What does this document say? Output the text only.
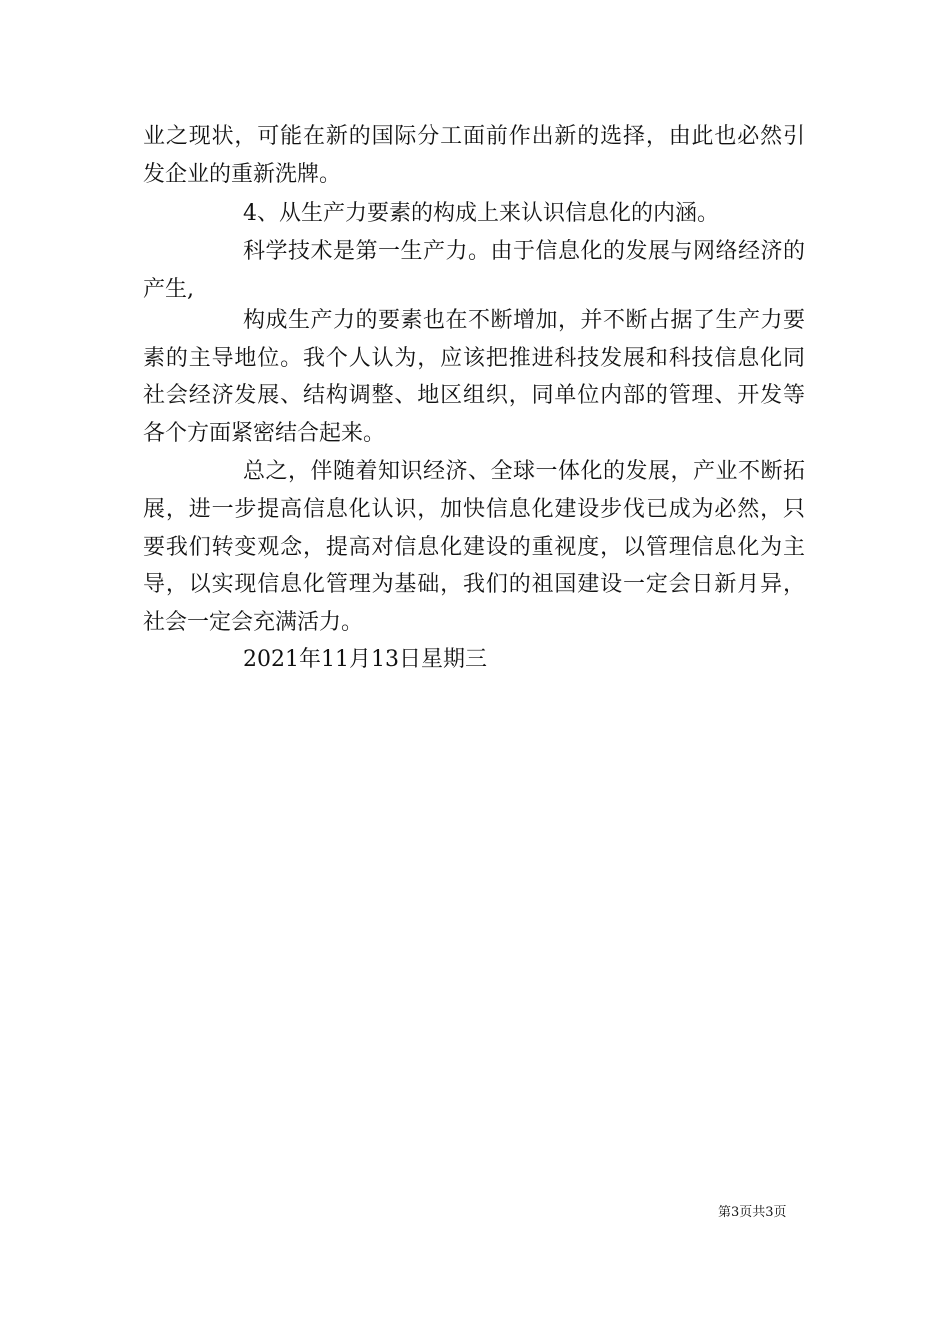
业之现状，可能在新的国际分工面前作出新的选择，由此也必然引
发企业的重新洗牌。
4、从生产力要素的构成上来认识信息化的内涵。
科学技术是第一生产力。由于信息化的发展与网络经济的
产生,
构成生产力的要素也在不断增加，并不断占据了生产力要
素的主导地位。我个人认为，应该把推进科技发展和科技信息化同
社会经济发展、结构调整、地区组织，同单位内部的管理、开发等
各个方面紧密结合起来。
总之，伴随着知识经济、全球一体化的发展，产业不断拓
展，进一步提高信息化认识，加快信息化建设步伐已成为必然，只
要我们转变观念，提高对信息化建设的重视度，以管理信息化为主
导，以实现信息化管理为基础，我们的祖国建设一定会日新月异，
社会一定会充满活力。
2021年11月13日星期三
第3页共3页
